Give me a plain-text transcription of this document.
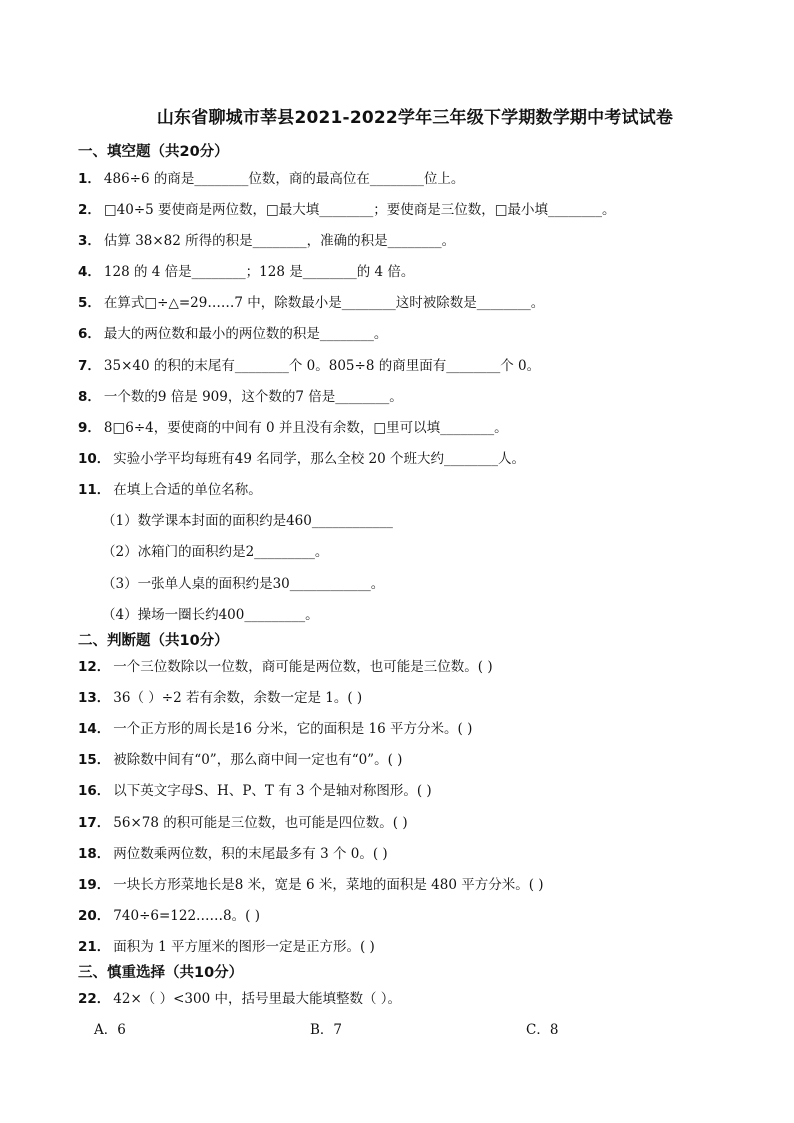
山东省聊城市莘县2021-2022学年三年级下学期数学期中考试试卷
一、填空题（共20分）
1． 486÷6 的商是________位数，商的最高位在________位上。
2． □40÷5 要使商是两位数，□最大填________；要使商是三位数，□最小填________。
3． 估算 38×82 所得的积是________，准确的积是________。
4． 128 的 4 倍是________；128 是________的 4 倍。
5． 在算式□÷△=29……7 中，除数最小是________这时被除数是________。
6． 最大的两位数和最小的两位数的积是________。
7． 35×40 的积的末尾有________个 0。805÷8 的商里面有________个 0。
8． 一个数的9 倍是 909，这个数的7 倍是________。
9． 8□6÷4，要使商的中间有 0 并且没有余数，□里可以填________。
10． 实验小学平均每班有49 名同学，那么全校 20 个班大约________人。
11． 在填上合适的单位名称。
（1）数学课本封面的面积约是460____________
（2）冰箱门的面积约是2_________。
（3）一张单人桌的面积约是30____________。
（4）操场一圈长约400_________。
二、判断题（共10分）
12． 一个三位数除以一位数，商可能是两位数，也可能是三位数。( )
13． 36（ ）÷2 若有余数，余数一定是 1。( )
14． 一个正方形的周长是16 分米，它的面积是 16 平方分米。( )
15． 被除数中间有“0”，那么商中间一定也有“0”。( )
16． 以下英文字母S、H、P、T 有 3 个是轴对称图形。( )
17． 56×78 的积可能是三位数，也可能是四位数。( )
18． 两位数乘两位数，积的末尾最多有 3 个 0。( )
19． 一块长方形菜地长是8 米，宽是 6 米，菜地的面积是 480 平方分米。( )
20． 740÷6=122……8。( )
21． 面积为 1 平方厘米的图形一定是正方形。( )
三、慎重选择（共10分）
22． 42×（ ）<300 中，括号里最大能填整数（ ）。
A．6	B．7	C．8
